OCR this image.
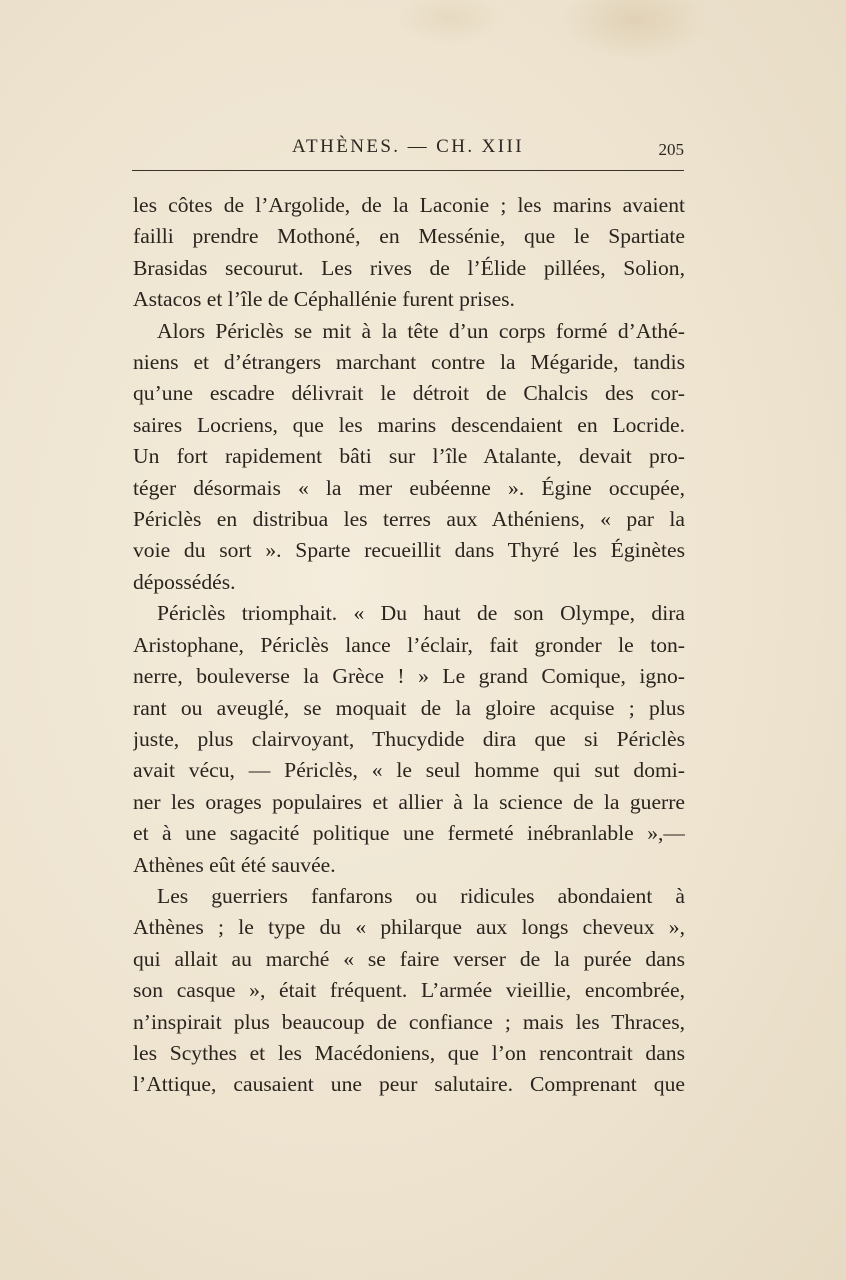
ATHÈNES. — CH. XIII	205
les côtes de l’Argolide, de la Laconie ; les marins avaient
failli prendre Mothoné, en Messénie, que le Spartiate
Brasidas secourut. Les rives de l’Élide pillées, Solion,
Astacos et l’île de Céphallénie furent prises.
Alors Périclès se mit à la tête d’un corps formé d’Athé-
niens et d’étrangers marchant contre la Mégaride, tandis
qu’une escadre délivrait le détroit de Chalcis des cor-
saires Locriens, que les marins descendaient en Locride.
Un fort rapidement bâti sur l’île Atalante, devait pro-
téger désormais « la mer eubéenne ». Égine occupée,
Périclès en distribua les terres aux Athéniens, « par la
voie du sort ». Sparte recueillit dans Thyré les Éginètes
dépossédés.
Périclès triomphait. « Du haut de son Olympe, dira
Aristophane, Périclès lance l’éclair, fait gronder le ton-
nerre, bouleverse la Grèce ! » Le grand Comique, igno-
rant ou aveuglé, se moquait de la gloire acquise ; plus
juste, plus clairvoyant, Thucydide dira que si Périclès
avait vécu, — Périclès, « le seul homme qui sut domi-
ner les orages populaires et allier à la science de la guerre
et à une sagacité politique une fermeté inébranlable »,—
Athènes eût été sauvée.
Les guerriers fanfarons ou ridicules abondaient à
Athènes ; le type du « philarque aux longs cheveux »,
qui allait au marché « se faire verser de la purée dans
son casque », était fréquent. L’armée vieillie, encombrée,
n’inspirait plus beaucoup de confiance ; mais les Thraces,
les Scythes et les Macédoniens, que l’on rencontrait dans
l’Attique, causaient une peur salutaire. Comprenant que
